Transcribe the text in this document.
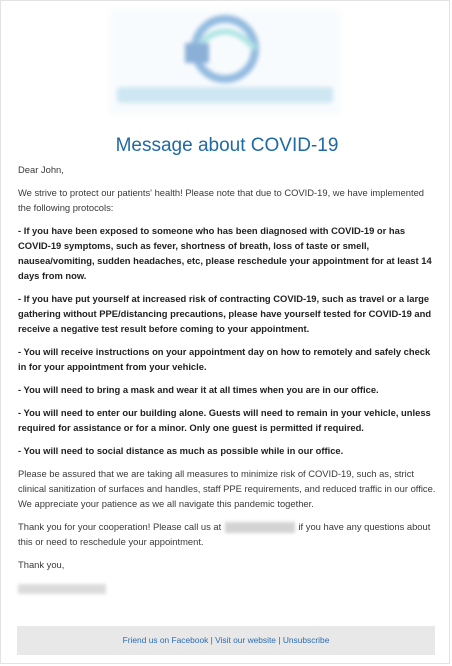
Message about COVID-19

Dear John,

We strive to protect our patients' health! Please note that due to COVID-19, we have implemented the following protocols:

- If you have been exposed to someone who has been diagnosed with COVID-19 or has COVID-19 symptoms, such as fever, shortness of breath, loss of taste or smell, nausea/vomiting, sudden headaches, etc, please reschedule your appointment for at least 14 days from now.

- If you have put yourself at increased risk of contracting COVID-19, such as travel or a large gathering without PPE/distancing precautions, please have yourself tested for COVID-19 and receive a negative test result before coming to your appointment.

- You will receive instructions on your appointment day on how to remotely and safely check in for your appointment from your vehicle.

- You will need to bring a mask and wear it at all times when you are in our office.

- You will need to enter our building alone. Guests will need to remain in your vehicle, unless required for assistance or for a minor. Only one guest is permitted if required.

- You will need to social distance as much as possible while in our office.

Please be assured that we are taking all measures to minimize risk of COVID-19, such as, strict clinical sanitization of surfaces and handles, staff PPE requirements, and reduced traffic in our office. We appreciate your patience as we all navigate this pandemic together.

Thank you for your cooperation! Please call us at	if you have any questions about this or need to reschedule your appointment.

Thank you,

Friend us on Facebook | Visit our website | Unsubscribe
